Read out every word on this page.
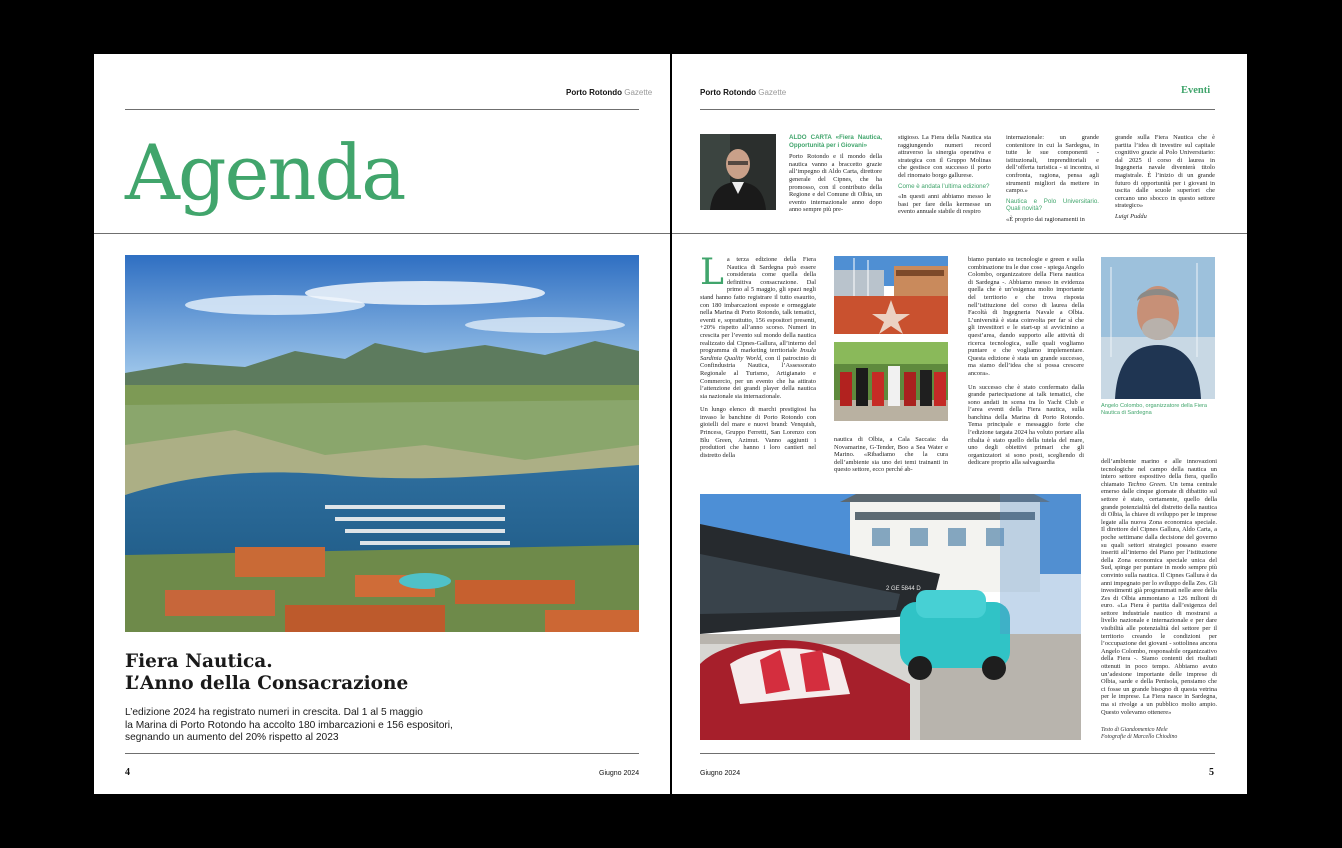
Porto Rotondo Gazette
Agenda
Fiera Nautica.
L’Anno della Consacrazione
L’edizione 2024 ha registrato numeri in crescita. Dal 1 al 5 maggio
la Marina di Porto Rotondo ha accolto 180 imbarcazioni e 156 espositori,
segnando un aumento del 20% rispetto al 2023
4	Giugno 2024
Porto Rotondo Gazette	Eventi

ALDO CARTA «Fiera Nautica, Opportunità per i Giovani»

Porto Rotondo e il mondo della nautica vanno a braccetto grazie all’impegno di Aldo Carta, direttore generale del Cipnes, che ha promosso, con il contributo della Regione e del Comune di Olbia, un evento internazionale anno dopo anno sempre più pre-

stigioso. La Fiera della Nautica sta raggiungendo numeri record attraverso la sinergia operativa e strategica con il Gruppo Molinas che gestisce con successo il porto del rinomato borgo gallurese.

Come è andata l’ultima edizione?

«In questi anni abbiamo messo le basi per fare della kermesse un evento annuale stabile di respiro

internazionale: un grande contenitore in cui la Sardegna, in tutte le sue componenti - istituzionali, imprenditoriali e dell’offerta turistica - si incontra, si confronta, ragiona, pensa agli strumenti migliori da mettere in campo.»

Nautica e Polo Universitario. Quali novità?

«È proprio dai ragionamenti in

grande sulla Fiera Nautica che è partita l’idea di investire sul capitale cognitivo grazie al Polo Universitario: dal 2025 il corso di laurea in Ingegneria navale diventerà titolo magistrale. È l’inizio di un grande futuro di opportunità per i giovani in uscita dalle scuole superiori che cercano uno sbocco in questo settore strategico»

Luigi Puddu

L a terza edizione della Fiera Nautica di Sardegna può essere considerata come quella della definitiva consacrazione. Dal primo al 5 maggio, gli spazi negli stand hanno fatto registrare il tutto esaurito, con 180 imbarcazioni esposte e ormeggiate nella Marina di Porto Rotondo, talk tematici, eventi e, soprattutto, 156 espositori presenti, +20% rispetto all’anno scorso. Numeri in crescita per l’evento sul mondo della nautica realizzato dal Cipnes-Gallura, all’interno del programma di marketing territoriale Insula Sardinia Quality World, con il patrocinio di Confindustria Nautica, l’Assessorato Regionale al Turismo, Artigianato e Commercio, per un evento che ha attirato l’attenzione dei grandi player della nautica sia nazionale sia internazionale.

Un lungo elenco di marchi prestigiosi ha invaso le banchine di Porto Rotondo con gioielli del mare e nuovi brand: Venquish, Princess, Gruppo Ferretti, San Lorenzo con Blu Green, Azimut. Vanno aggiunti i produttori che hanno i loro cantieri nel distretto della

nautica di Olbia, a Cala Saccaia: da Novamarine, G-Tender, Boo a Sea Water e Marino. «Ribadiamo che la cura dell’ambiente sia uno dei temi trainanti in questo settore, ecco perché ab-

biamo puntato su tecnologie e green e sulla combinazione tra le due cose - spiega Angelo Colombo, organizzatore della Fiera nautica di Sardegna -. Abbiamo messo in evidenza quella che è un’esigenza molto importante del territorio e che trova risposta nell’istituzione del corso di laurea della Facoltà di Ingegneria Navale a Olbia. L’università è stata coinvolta per far sì che gli investitori e le start-up si avvicinino a quest’area, dando supporto alle attività di ricerca tecnologica, sulle quali vogliamo puntare e che vogliamo implementare. Questa edizione è stata un grande successo, ma siamo dell’idea che si possa crescere ancora».

Un successo che è stato confermato dalla grande partecipazione ai talk tematici, che sono andati in scena tra lo Yacht Club e l’area eventi della Fiera nautica, sulla banchina della Marina di Porto Rotondo. Tema principale e messaggio forte che l’edizione targata 2024 ha voluto portare alla ribalta è stato quello della tutela del mare, uno degli obiettivi primari che gli organizzatori si sono posti, scegliendo di dedicare proprio alla salvaguardia

Angelo Colombo, organizzatore della Fiera Nautica di Sardegna

dell’ambiente marino e alle innovazioni tecnologiche nel campo della nautica un intero settore espositivo della fiera, quello chiamato Techno Green. Un tema centrale emerso dalle cinque giornate di dibattito sul settore è stato, certamente, quello della grande potenzialità del distretto della nautica di Olbia, la chiave di sviluppo per le imprese legate alla nuova Zona economica speciale. Il direttore del Cipnes Gallura, Aldo Carta, a poche settimane dalla decisione del governo su quali settori strategici possano essere inseriti all’interno del Piano per l’istituzione della Zona economica speciale unica del Sud, spinge per puntare in modo sempre più convinto sulla nautica. Il Cipnes Gallura è da anni impegnato per lo sviluppo della Zes. Gli investimenti già programmati nelle aree della Zes di Olbia ammontano a 126 milioni di euro. «La Fiera è partita dall’esigenza del settore industriale nautico di mostrarsi a livello nazionale e internazionale e per dare visibilità alle potenzialità del settore per il territorio creando le condizioni per l’occupazione dei giovani - sottolinea ancora Angelo Colombo, responsabile organizzativo della Fiera -. Siamo contenti dei risultati ottenuti in poco tempo. Abbiamo avuto un’adesione importante delle imprese di Olbia, sarde e della Penisola, pensiamo che ci fosse un grande bisogno di questa vetrina per le imprese. La Fiera nasce in Sardegna, ma si rivolge a un pubblico molto ampio. Questo volevamo ottenere»

Testo di Giandomenico Mele
Fotografie di Marcello Chiodino
2 GE 5844 D
Giugno 2024	5
